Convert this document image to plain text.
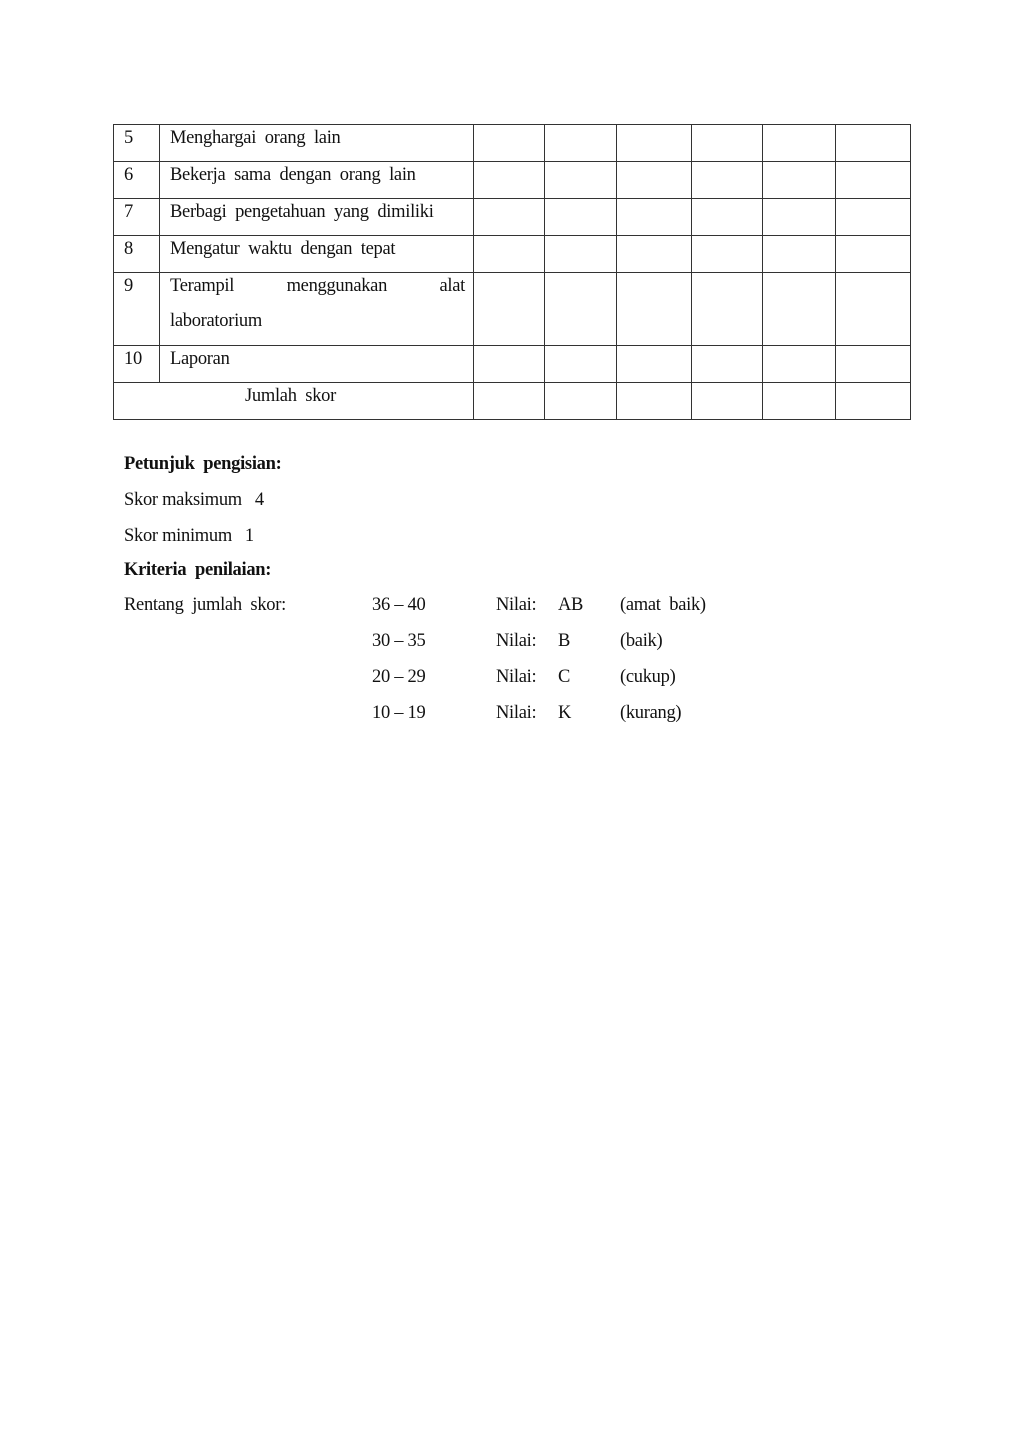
5	Menghargai  orang  lain						
6	Bekerja  sama  dengan  orang  lain						
7	Berbagi  pengetahuan  yang  dimiliki						
8	Mengatur  waktu  dengan  tepat						
9	Terampil menggunakan alat
laboratorium						

10	Laporan						
Jumlah  skor							
Petunjuk  pengisian:
Skor maksimum   4
Skor minimum   1
Kriteria  penilaian:
Rentang  jumlah  skor:	36 – 40	Nilai: AB (amat  baik)
30 – 35	Nilai: B	(baik)
20 – 29	Nilai: C	(cukup)
10 – 19	Nilai: K	(kurang)
